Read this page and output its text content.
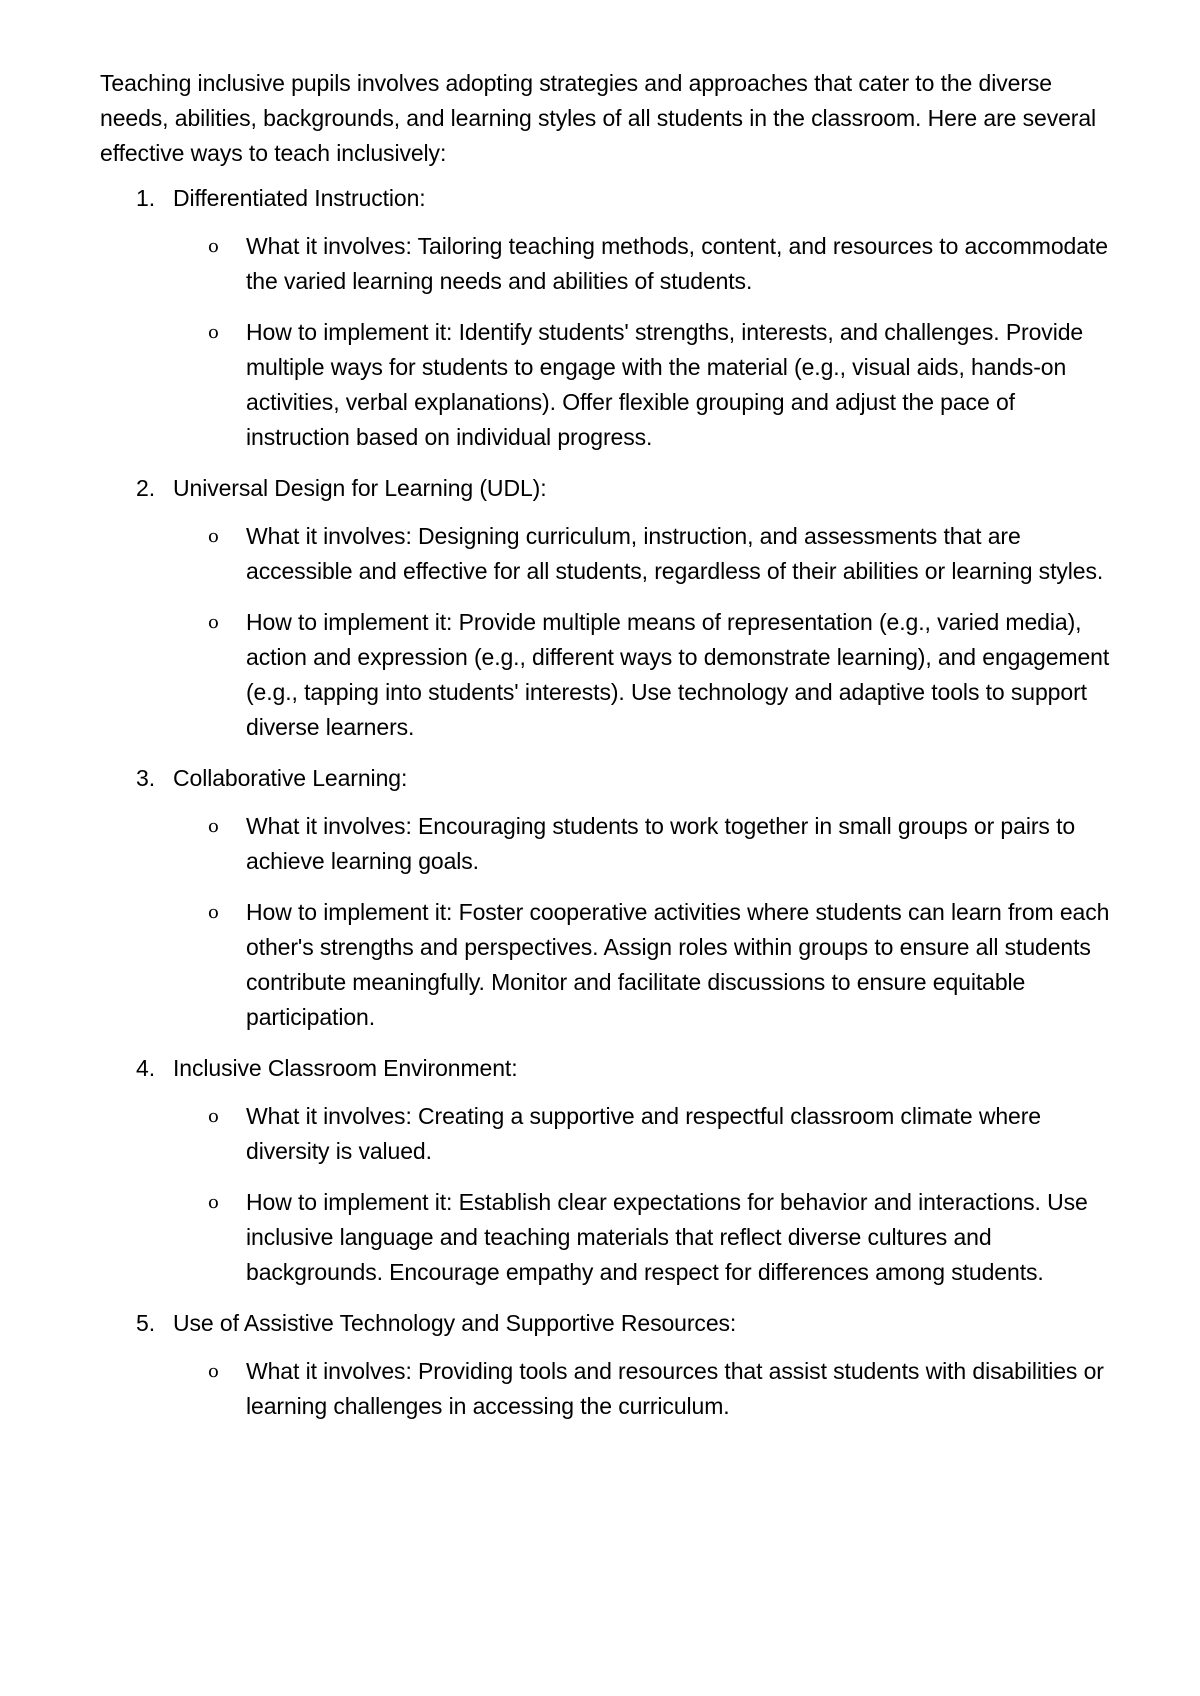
Teaching inclusive pupils involves adopting strategies and approaches that cater to the diverse needs, abilities, backgrounds, and learning styles of all students in the classroom. Here are several effective ways to teach inclusively:

1. Differentiated Instruction:
o What it involves: Tailoring teaching methods, content, and resources to accommodate the varied learning needs and abilities of students.
o How to implement it: Identify students' strengths, interests, and challenges. Provide multiple ways for students to engage with the material (e.g., visual aids, hands-on activities, verbal explanations). Offer flexible grouping and adjust the pace of instruction based on individual progress.
2. Universal Design for Learning (UDL):
o What it involves: Designing curriculum, instruction, and assessments that are accessible and effective for all students, regardless of their abilities or learning styles.
o How to implement it: Provide multiple means of representation (e.g., varied media), action and expression (e.g., different ways to demonstrate learning), and engagement (e.g., tapping into students' interests). Use technology and adaptive tools to support diverse learners.
3. Collaborative Learning:
o What it involves: Encouraging students to work together in small groups or pairs to achieve learning goals.
o How to implement it: Foster cooperative activities where students can learn from each other's strengths and perspectives. Assign roles within groups to ensure all students contribute meaningfully. Monitor and facilitate discussions to ensure equitable participation.
4. Inclusive Classroom Environment:
o What it involves: Creating a supportive and respectful classroom climate where diversity is valued.
o How to implement it: Establish clear expectations for behavior and interactions. Use inclusive language and teaching materials that reflect diverse cultures and backgrounds. Encourage empathy and respect for differences among students.
5. Use of Assistive Technology and Supportive Resources:
o What it involves: Providing tools and resources that assist students with disabilities or learning challenges in accessing the curriculum.
